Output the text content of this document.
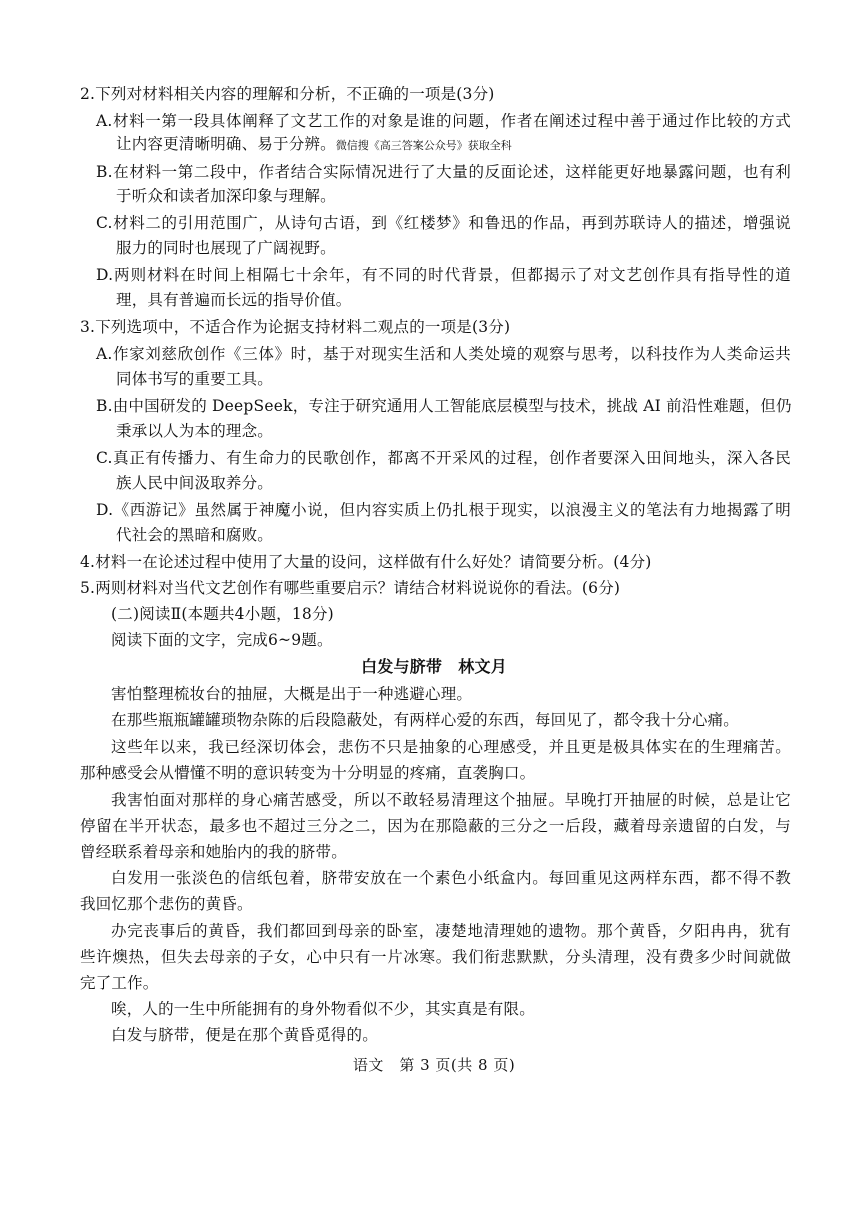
2.下列对材料相关内容的理解和分析，不正确的一项是(3分)
A.材料一第一段具体阐释了文艺工作的对象是谁的问题，作者在阐述过程中善于通过作比较的方式
让内容更清晰明确、易于分辨。微信搜《高三答案公众号》获取全科
B.在材料一第二段中，作者结合实际情况进行了大量的反面论述，这样能更好地暴露问题，也有利
于听众和读者加深印象与理解。
C.材料二的引用范围广，从诗句古语，到《红楼梦》和鲁迅的作品，再到苏联诗人的描述，增强说
服力的同时也展现了广阔视野。
D.两则材料在时间上相隔七十余年，有不同的时代背景，但都揭示了对文艺创作具有指导性的道
理，具有普遍而长远的指导价值。
3.下列选项中，不适合作为论据支持材料二观点的一项是(3分)
A.作家刘慈欣创作《三体》时，基于对现实生活和人类处境的观察与思考，以科技作为人类命运共
同体书写的重要工具。
B.由中国研发的 DeepSeek，专注于研究通用人工智能底层模型与技术，挑战 AI 前沿性难题，但仍
秉承以人为本的理念。
C.真正有传播力、有生命力的民歌创作，都离不开采风的过程，创作者要深入田间地头，深入各民
族人民中间汲取养分。
D.《西游记》虽然属于神魔小说，但内容实质上仍扎根于现实，以浪漫主义的笔法有力地揭露了明
代社会的黑暗和腐败。
4.材料一在论述过程中使用了大量的设问，这样做有什么好处？请简要分析。(4分)
5.两则材料对当代文艺创作有哪些重要启示？请结合材料说说你的看法。(6分)
(二)阅读Ⅱ(本题共4小题，18分)
阅读下面的文字，完成6~9题。
白发与脐带　林文月
害怕整理梳妆台的抽屉，大概是出于一种逃避心理。
在那些瓶瓶罐罐琐物杂陈的后段隐蔽处，有两样心爱的东西，每回见了，都令我十分心痛。
这些年以来，我已经深切体会，悲伤不只是抽象的心理感受，并且更是极具体实在的生理痛苦。
那种感受会从懵懂不明的意识转变为十分明显的疼痛，直袭胸口。
我害怕面对那样的身心痛苦感受，所以不敢轻易清理这个抽屉。早晚打开抽屉的时候，总是让它
停留在半开状态，最多也不超过三分之二，因为在那隐蔽的三分之一后段，藏着母亲遗留的白发，与
曾经联系着母亲和她胎内的我的脐带。
白发用一张淡色的信纸包着，脐带安放在一个素色小纸盒内。每回重见这两样东西，都不得不教
我回忆那个悲伤的黄昏。
办完丧事后的黄昏，我们都回到母亲的卧室，凄楚地清理她的遗物。那个黄昏，夕阳冉冉，犹有
些许燠热，但失去母亲的子女，心中只有一片冰寒。我们衔悲默默，分头清理，没有费多少时间就做
完了工作。
唉，人的一生中所能拥有的身外物看似不少，其实真是有限。
白发与脐带，便是在那个黄昏觅得的。
语文　第 3 页(共 8 页)
